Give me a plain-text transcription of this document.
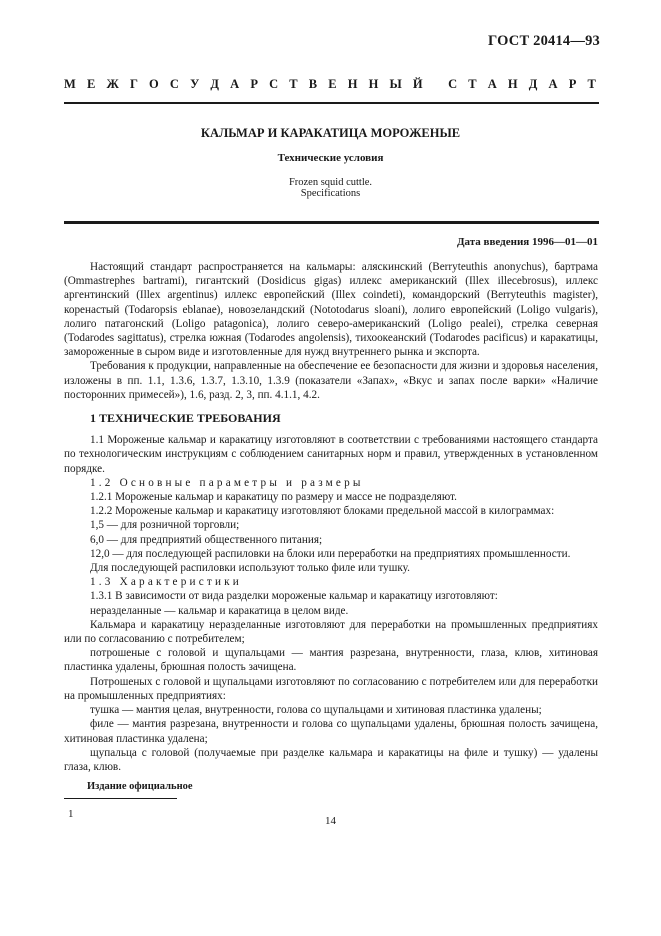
ГОСТ 20414—93
М Е Ж Г О С У Д А Р С Т В Е Н Н Ы Й
С Т А Н Д А Р Т
КАЛЬМАР И КАРАКАТИЦА МОРОЖЕНЫЕ
Технические условия
Frozen squid cuttle.
Specifications
Дата введения 1996—01—01

Настоящий стандарт распространяется на кальмары: аляскинский (Berryteuthis anonychus), бартрама (Ommastrephes bartrami), гигантский (Dosidicus gigas) иллекс американский (Illex illecebrosus), иллекс аргентинский (Illex argentinus) иллекс европейский (Illex coindeti), командорский (Berryteuthis magister), коренастый (Todaropsis eblanae), новозеландский (Nototodarus sloani), лолиго европейский (Loligo vulgaris), лолиго патагонский (Loligo patagonica), лолиго северо-американский (Loligo pealei), стрелка северная (Todarodes sagittatus), стрелка южная (Todarodes angolensis), тихоокеанский (Todarodes pacificus) и каракатицы, замороженные в сыром виде и изготовленные для нужд внутреннего рынка и экспорта.

Требования к продукции, направленные на обеспечение ее безопасности для жизни и здоровья населения, изложены в пп. 1.1, 1.3.6, 1.3.7, 1.3.10, 1.3.9 (показатели «Запах», «Вкус и запах после варки» «Наличие посторонних примесей»), 1.6, разд. 2, 3, пп. 4.1.1, 4.2.

1 ТЕХНИЧЕСКИЕ ТРЕБОВАНИЯ

1.1 Мороженые кальмар и каракатицу изготовляют в соответствии с требованиями настоящего стандарта по технологическим инструкциям с соблюдением санитарных норм и правил, утвержденных в установленном порядке.

1.2 Основные параметры и размеры

1.2.1 Мороженые кальмар и каракатицу по размеру и массе не подразделяют.

1.2.2 Мороженые кальмар и каракатицу изготовляют блоками предельной массой в килограммах:

1,5 — для розничной торговли;

6,0 — для предприятий общественного питания;

12,0 — для последующей распиловки на блоки или переработки на предприятиях промышленности.

Для последующей распиловки используют только филе или тушку.

1.3 Характеристики

1.3.1 В зависимости от вида разделки мороженые кальмар и каракатицу изготовляют:

неразделанные — кальмар и каракатица в целом виде.

Кальмара и каракатицу неразделанные изготовляют для переработки на промышленных предприятиях или по согласованию с потребителем;

потрошеные с головой и щупальцами — мантия разрезана, внутренности, глаза, клюв, хитиновая пластинка удалены, брюшная полость зачищена.

Потрошеных с головой и щупальцами изготовляют по согласованию с потребителем или для переработки на промышленных предприятиях:

тушка — мантия целая, внутренности, голова со щупальцами и хитиновая пластинка удалены;

филе — мантия разрезана, внутренности и голова со щупальцами удалены, брюшная полость зачищена, хитиновая пластинка удалена;

щупальца с головой (получаемые при разделке кальмара и каракатицы на филе и тушку) — удалены глаза, клюв.

Издание официальное
1
14
